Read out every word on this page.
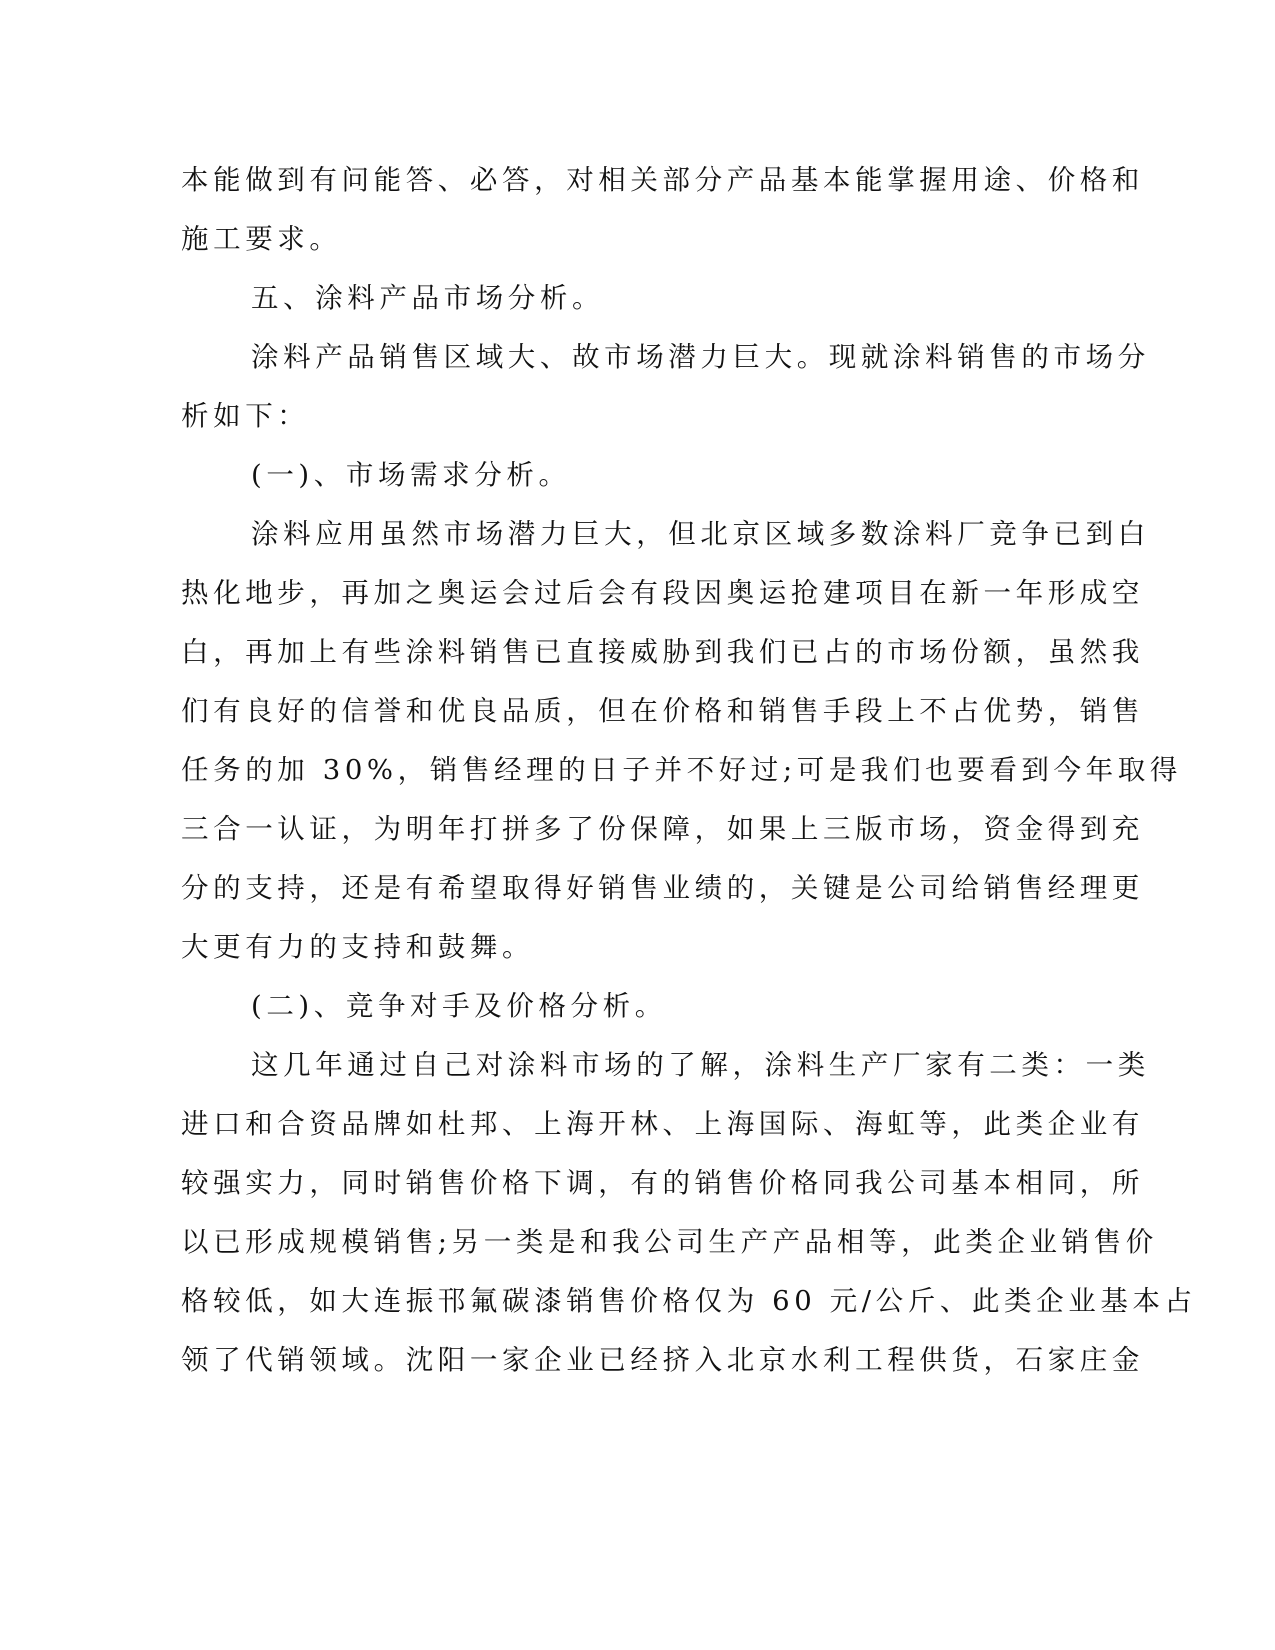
本能做到有问能答、必答，对相关部分产品基本能掌握用途、价格和
施工要求。
五、涂料产品市场分析。
涂料产品销售区域大、故市场潜力巨大。现就涂料销售的市场分
析如下：
(一)、市场需求分析。
涂料应用虽然市场潜力巨大，但北京区域多数涂料厂竞争已到白
热化地步，再加之奥运会过后会有段因奥运抢建项目在新一年形成空
白，再加上有些涂料销售已直接威胁到我们已占的市场份额，虽然我
们有良好的信誉和优良品质，但在价格和销售手段上不占优势，销售
任务的加 30%，销售经理的日子并不好过;可是我们也要看到今年取得
三合一认证，为明年打拼多了份保障，如果上三版市场，资金得到充
分的支持，还是有希望取得好销售业绩的，关键是公司给销售经理更
大更有力的支持和鼓舞。
(二)、竞争对手及价格分析。
这几年通过自己对涂料市场的了解，涂料生产厂家有二类：一类
进口和合资品牌如杜邦、上海开林、上海国际、海虹等，此类企业有
较强实力，同时销售价格下调，有的销售价格同我公司基本相同，所
以已形成规模销售;另一类是和我公司生产产品相等，此类企业销售价
格较低，如大连振邗氟碳漆销售价格仅为 60 元/公斤、此类企业基本占
领了代销领域。沈阳一家企业已经挤入北京水利工程供货，石家庄金
